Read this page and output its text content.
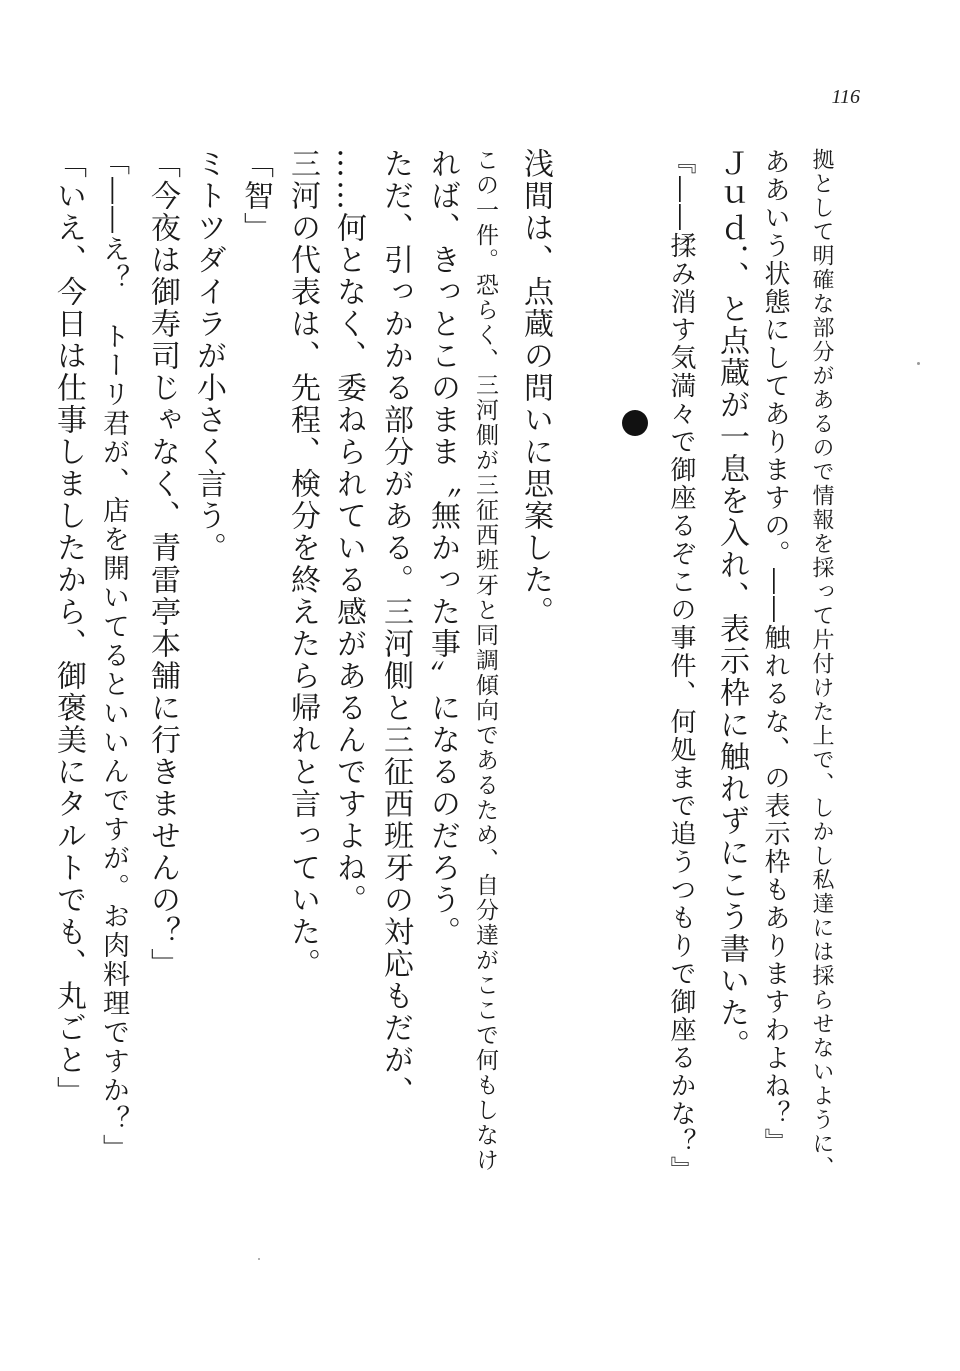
116
拠として明確な部分があるので情報を採って片付けた上で、しかし私達には採らせないように、
ああいう状態にしてありますの。――触れるな、の表示枠もありますわよね？』
Ｊｕｄ．、と点蔵が一息を入れ、表示枠に触れずにこう書いた。
『――揉み消す気満々で御座るぞこの事件、何処まで追うつもりで御座るかな？』
浅間は、点蔵の問いに思案した。
この一件。恐らく、三河側が三征西班牙と同調傾向であるため、自分達がここで何もしなけ
れば、きっとこのまま〝無かった事〟になるのだろう。
ただ、引っかかる部分がある。三河側と三征西班牙の対応もだが、
……何となく、委ねられている感があるんですよね。
三河の代表は、先程、検分を終えたら帰れと言っていた。
「智」
ミトツダイラが小さく言う。
「今夜は御寿司じゃなく、青雷亭本舗に行きませんの？」
「――え？　トーリ君が、店を開いてるといいんですが。お肉料理ですか？」
「いえ、今日は仕事しましたから、御褒美にタルトでも、丸ごと」
